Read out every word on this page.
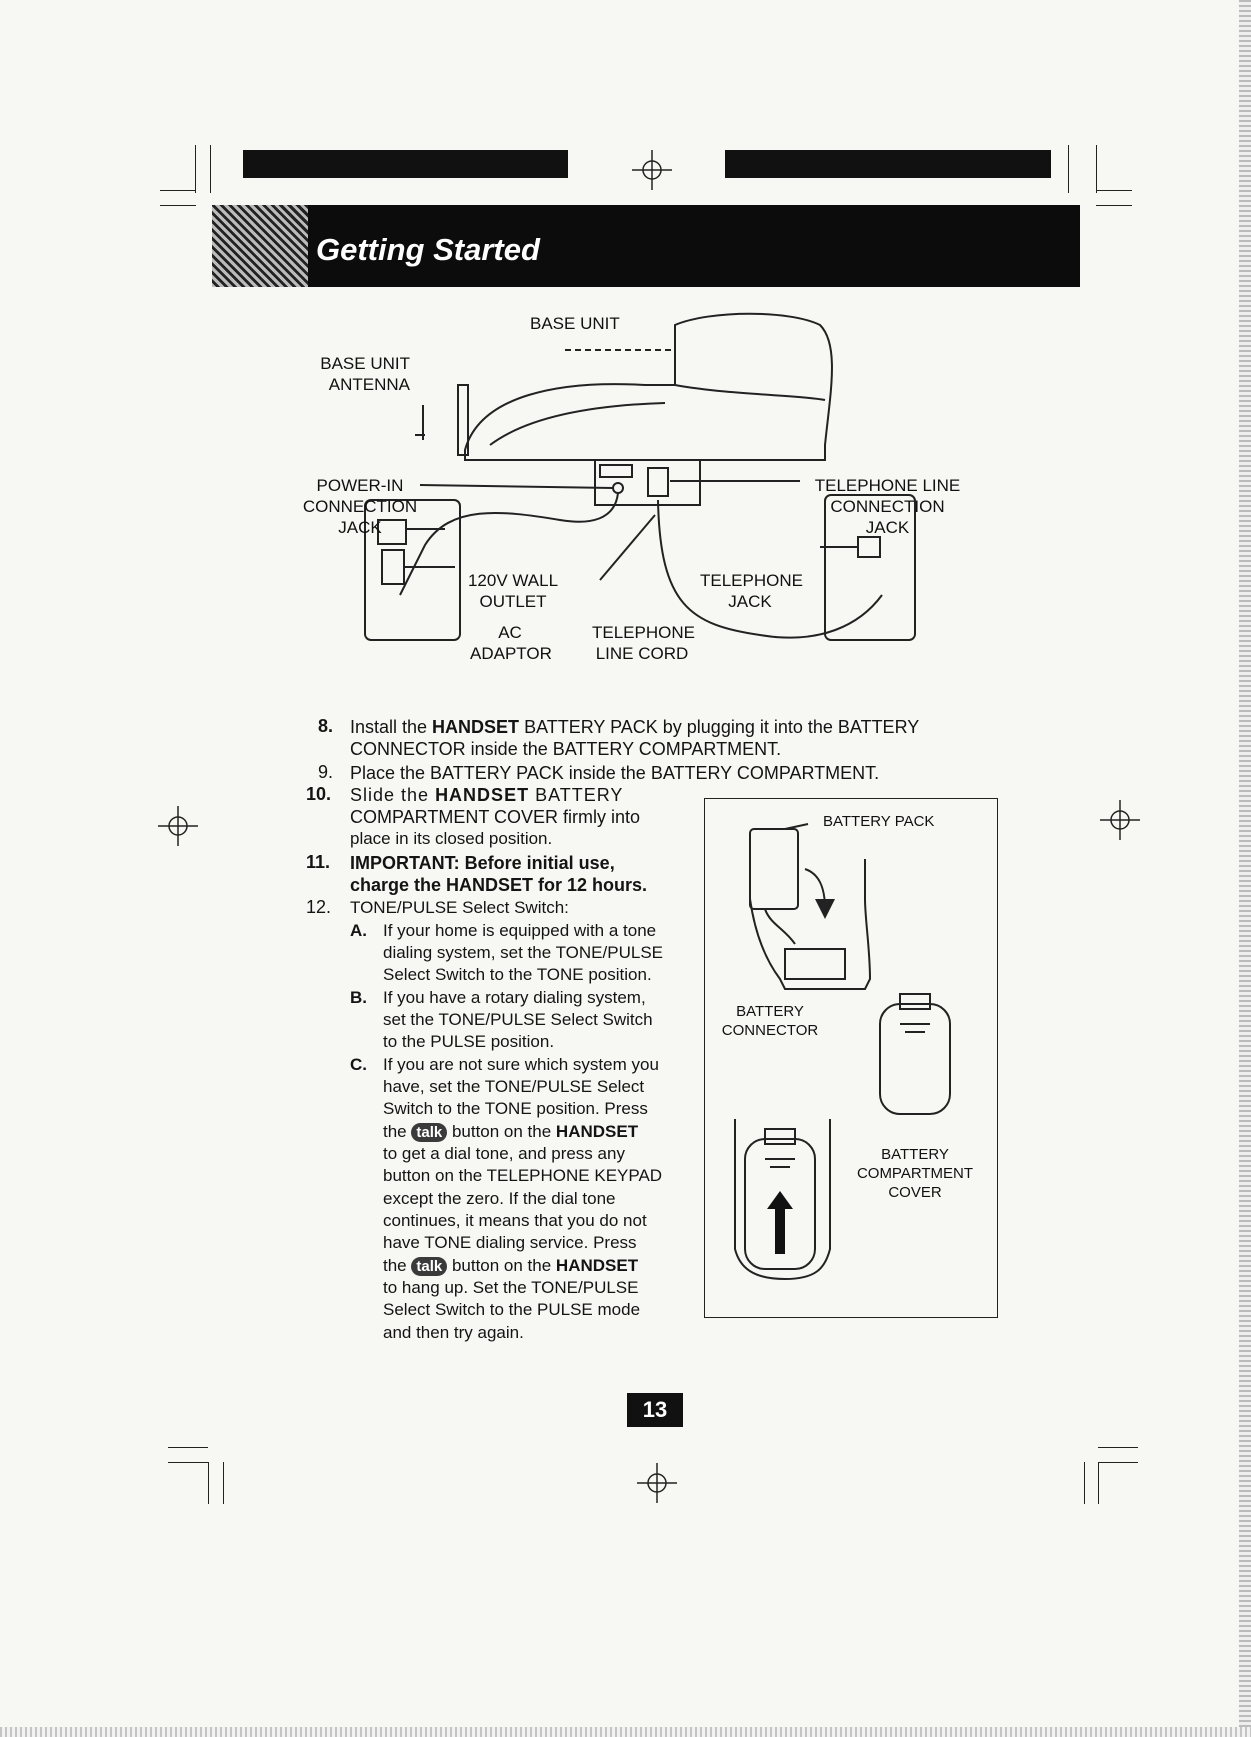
Getting Started
BASE UNIT
BASE UNIT
ANTENNA
POWER-IN
CONNECTION
JACK
TELEPHONE LINE
CONNECTION
JACK
120V WALL
OUTLET
AC
ADAPTOR
TELEPHONE
LINE CORD
TELEPHONE
JACK
8. Install the HANDSET BATTERY PACK by plugging it into the BATTERY
CONNECTOR inside the BATTERY COMPARTMENT.
9. Place the BATTERY PACK inside the BATTERY COMPARTMENT.
10. Slide the HANDSET BATTERY
COMPARTMENT COVER firmly into
place in its closed position.
11. IMPORTANT: Before initial use,
charge the HANDSET for 12 hours.
12. TONE/PULSE Select Switch:
A. If your home is equipped with a tone
dialing system, set the TONE/PULSE
Select Switch to the TONE position.
B. If you have a rotary dialing system,
set the TONE/PULSE Select Switch
to the PULSE position.
C. If you are not sure which system you
have, set the TONE/PULSE Select
Switch to the TONE position. Press
the talk button on the HANDSET
to get a dial tone, and press any
button on the TELEPHONE KEYPAD
except the zero. If the dial tone
continues, it means that you do not
have TONE dialing service. Press
the talk button on the HANDSET
to hang up. Set the TONE/PULSE
Select Switch to the PULSE mode
and then try again.
BATTERY PACK
BATTERY
CONNECTOR
BATTERY
COMPARTMENT
COVER
13
